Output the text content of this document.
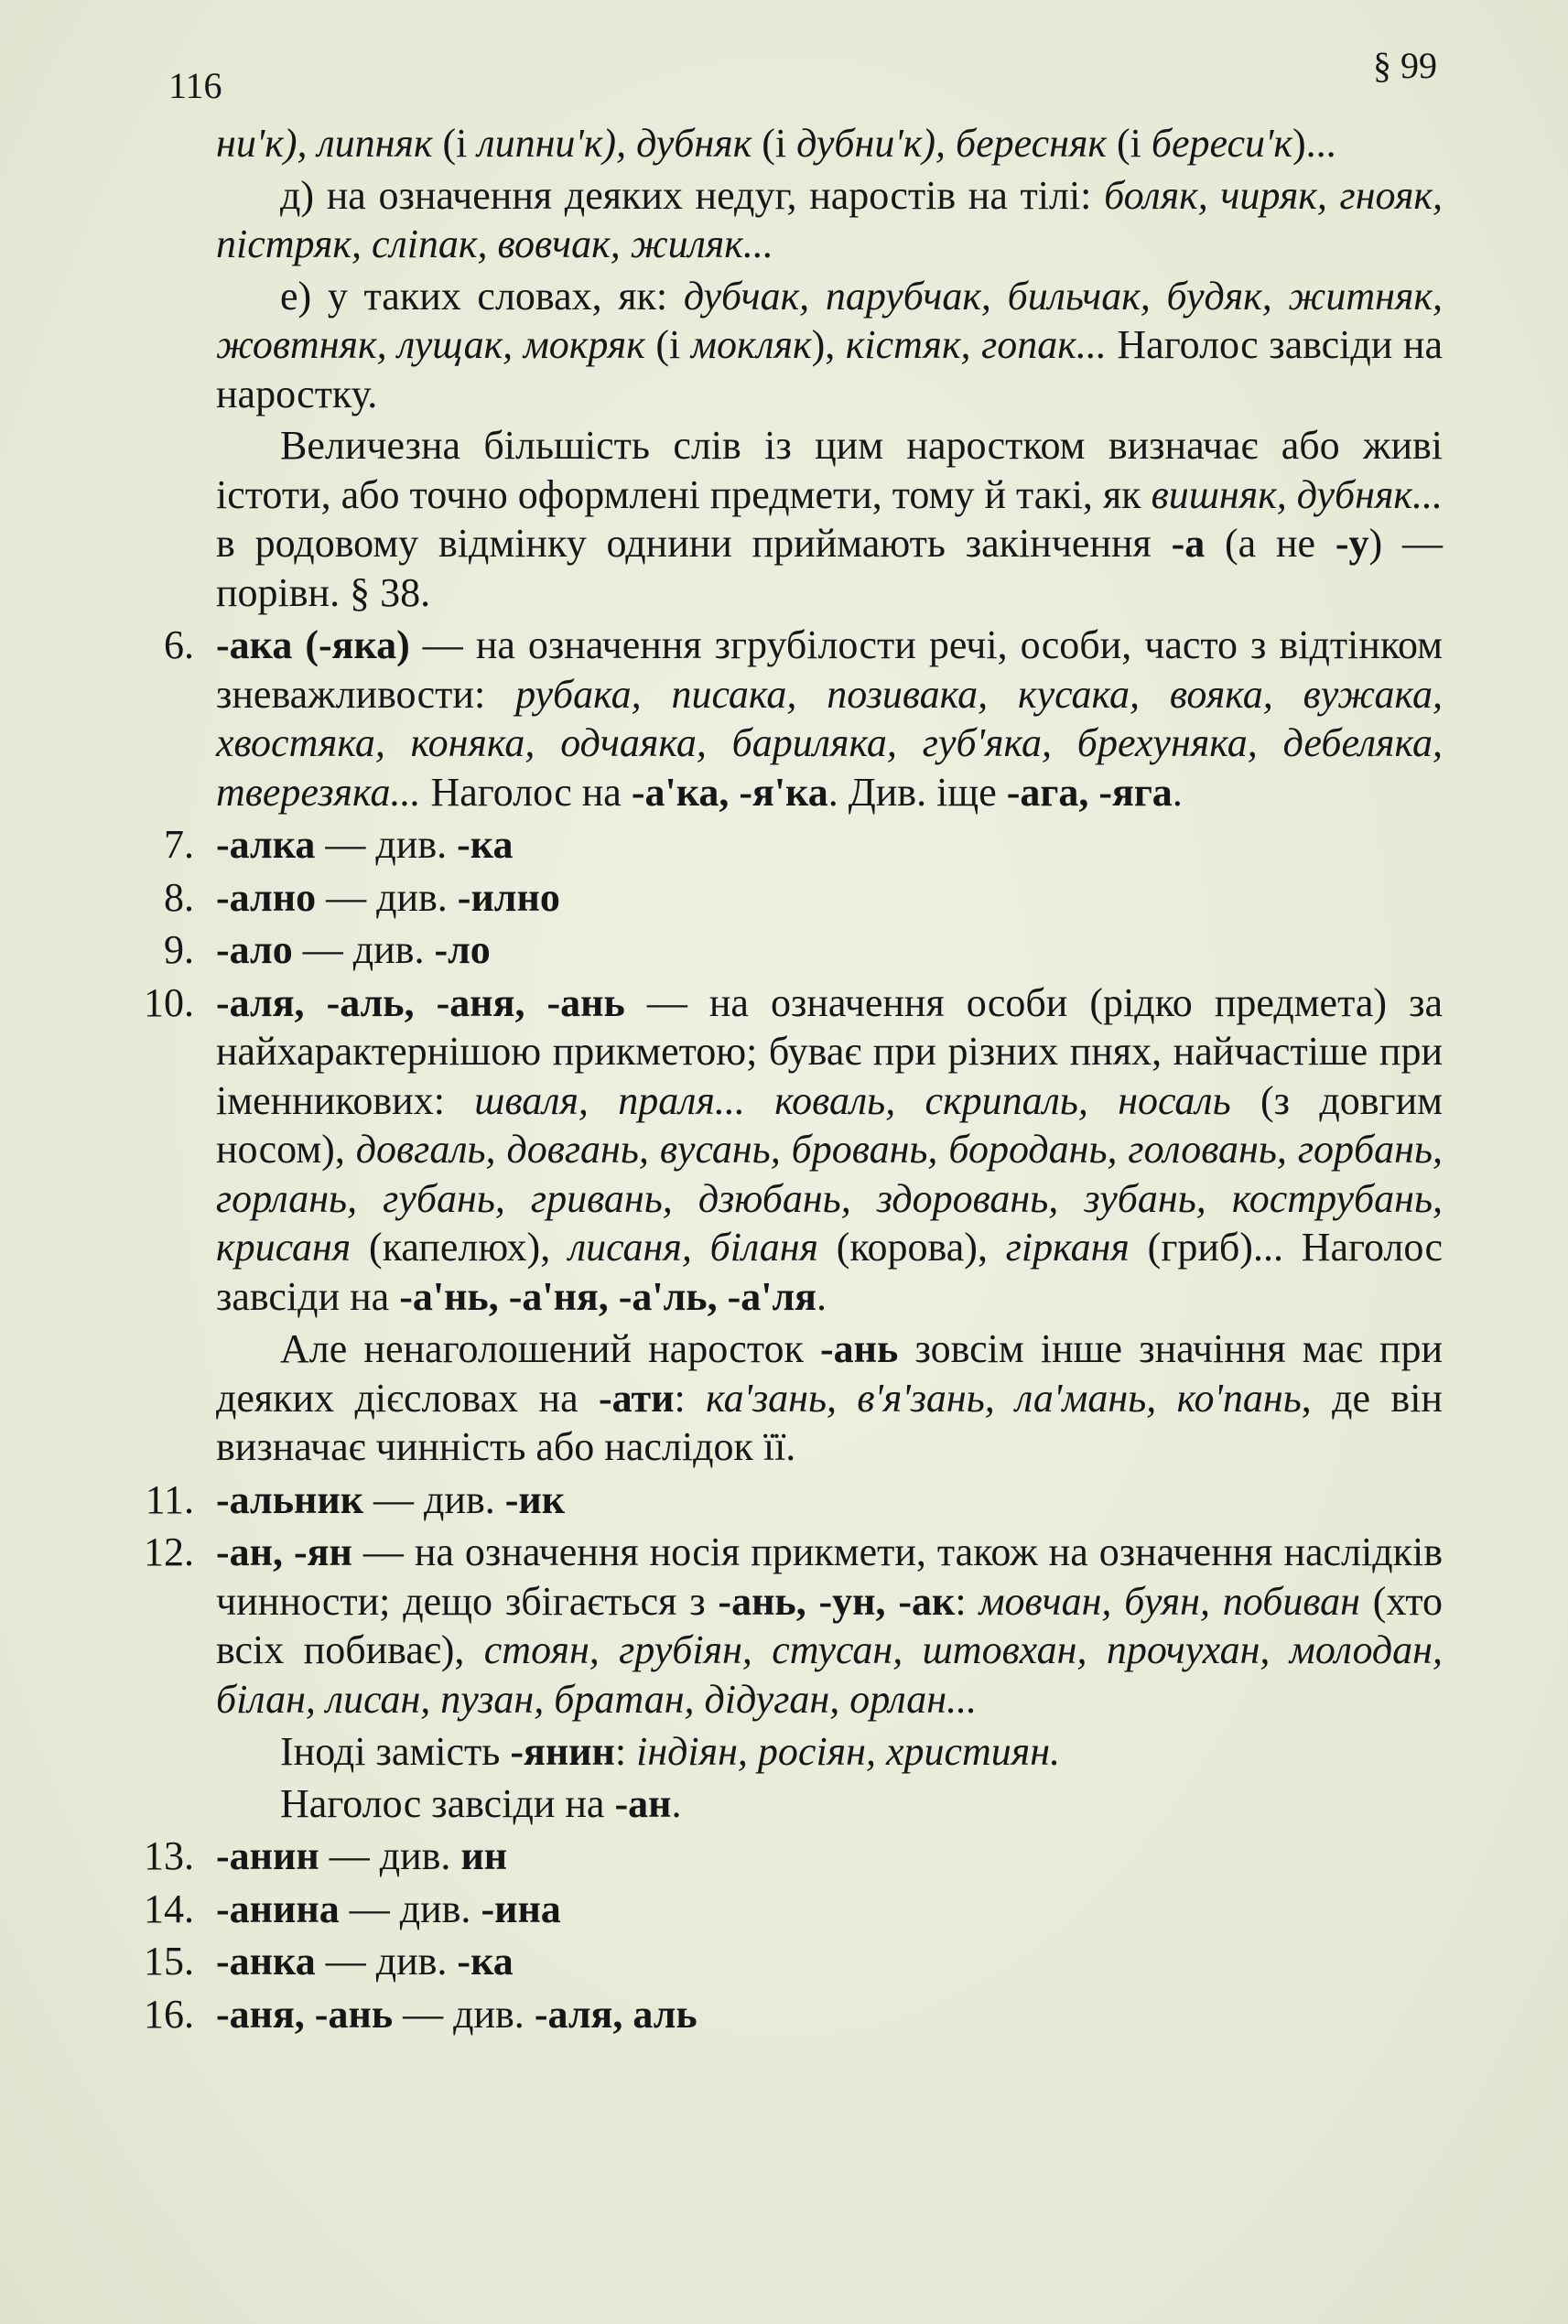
116	§ 99

ни'к), липняк (і липни'к), дубняк (і дубни'к), бересняк (і береси'к)...

д) на означення деяких недуг, наростів на тілі: боляк, чиряк, гнояк, пістряк, сліпак, вовчак, жиляк...

е) у таких словах, як: дубчак, парубчак, бильчак, будяк, житняк, жовтняк, лущак, мокряк (і мокляк), кістяк, гопак... Наголос завсіди на наростку.

Величезна більшість слів із цим наростком визначає або живі істоти, або точно оформлені предмети, тому й такі, як вишняк, дубняк... в родовому відмінку однини приймають закінчення -а (а не -у) — порівн. § 38.

6. -ака (-яка) — на означення згрубілости речі, особи, часто з відтінком зневажливости: рубака, писака, позивака, кусака, вояка, вужака, хвостяка, коняка, одчаяка, бариляка, губ'яка, брехуняка, дебеляка, тверезяка... Наголос на -а'ка, -я'ка. Див. іще -ага, -яга.
7. -алка — див. -ка
8. -ално — див. -илно
9. -ало — див. -ло
10. -аля, -аль, -аня, -ань — на означення особи (рідко предмета) за найхарактернішою прикметою; буває при різних пнях, найчастіше при іменникових: шваля, праля... коваль, скрипаль, носаль (з довгим носом), довгаль, довгань, вусань, бровань, бородань, головань, горбань, горлань, губань, гривань, дзюбань, здоровань, зубань, кострубань, крисаня (капелюх), лисаня, біланя (корова), гірканя (гриб)... Наголос завсіди на -а'нь, -а'ня, -а'ль, -а'ля.

Але ненаголошений наросток -ань зовсім інше значіння має при деяких дієсловах на -ати: ка'зань, в'я'зань, ла'мань, ко'пань, де він визначає чинність або наслідок її.

11. -альник — див. -ик
12. -ан, -ян — на означення носія прикмети, також на означення наслідків чинности; дещо збігається з -ань, -ун, -ак: мовчан, буян, побиван (хто всіх побиває), стоян, грубіян, стусан, штовхан, прочухан, молодан, білан, лисан, пузан, братан, дідуган, орлан...

Іноді замість -янин: індіян, росіян, християн.

Наголос завсіди на -ан.

13. -анин — див. ин
14. -анина — див. -ина
15. -анка — див. -ка
16. -аня, -ань — див. -аля, аль
